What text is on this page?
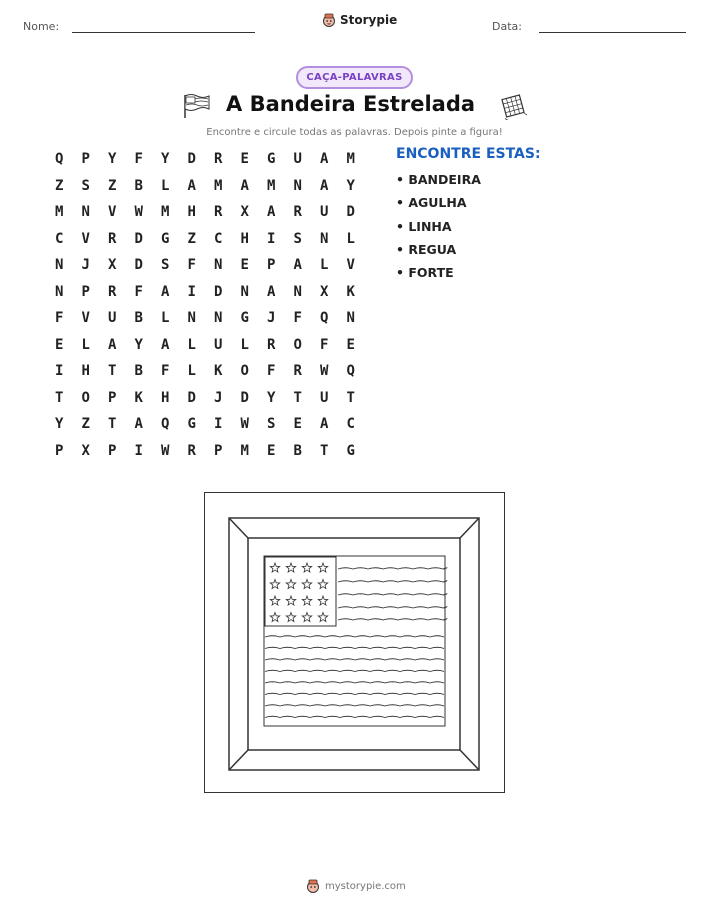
Nome:	Storypie	Data:
CAÇA-PALAVRAS
A Bandeira Estrelada
Encontre e circule todas as palavras. Depois pinte a figura!
Q	P	Y	F	Y	D	R	E	G	U	A	M
Z	S	Z	B	L	A	M	A	M	N	A	Y
M	N	V	W	M	H	R	X	A	R	U	D
C	V	R	D	G	Z	C	H	I	S	N	L
N	J	X	D	S	F	N	E	P	A	L	V
N	P	R	F	A	I	D	N	A	N	X	K
F	V	U	B	L	N	N	G	J	F	Q	N
E	L	A	Y	A	L	U	L	R	O	F	E
I	H	T	B	F	L	K	O	F	R	W	Q
T	O	P	K	H	D	J	D	Y	T	U	T
Y	Z	T	A	Q	G	I	W	S	E	A	C
P	X	P	I	W	R	P	M	E	B	T	G
ENCONTRE ESTAS:
• BANDEIRA
• AGULHA
• LINHA
• REGUA
• FORTE
mystorypie.com
